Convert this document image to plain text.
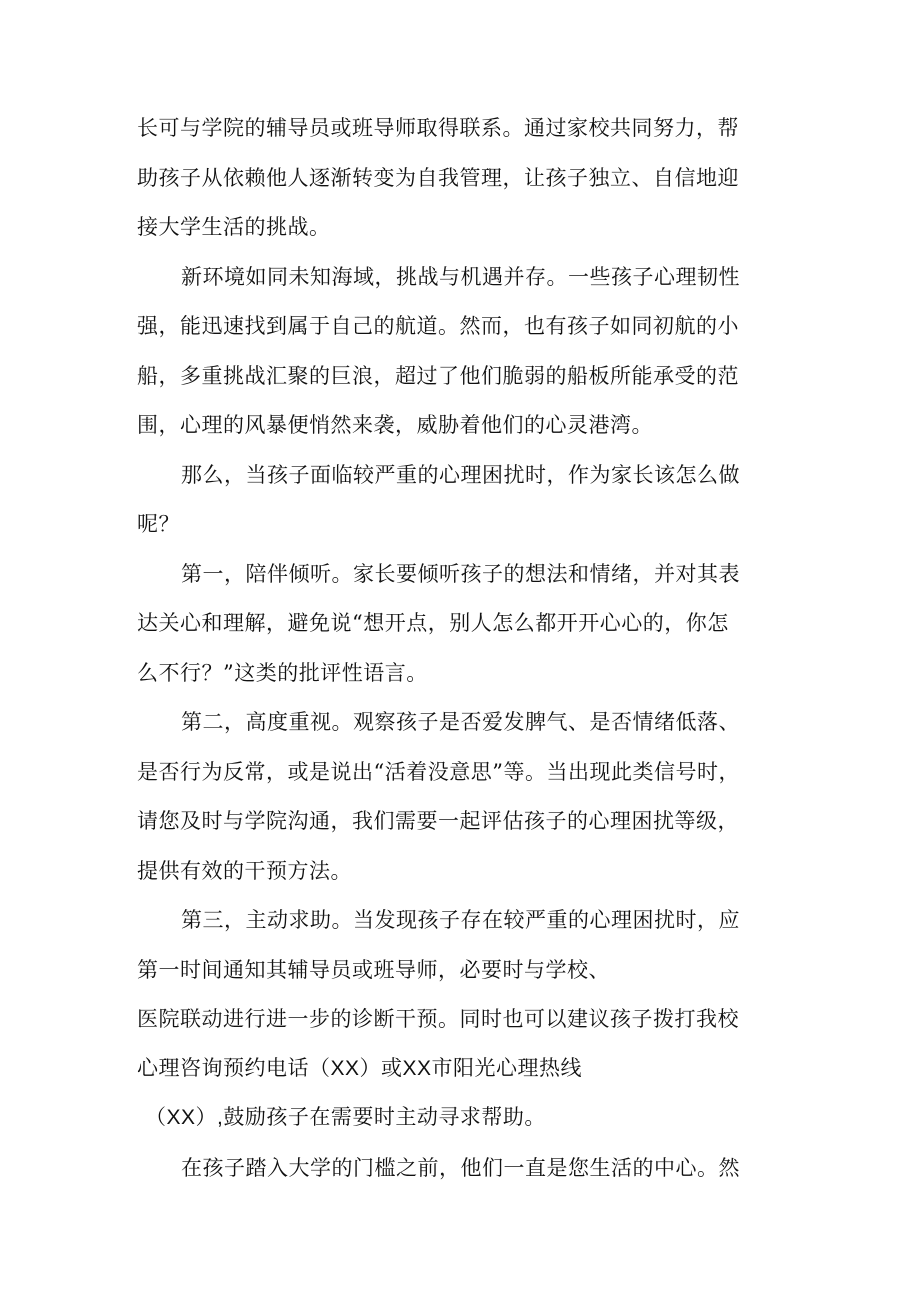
长可与学院的辅导员或班导师取得联系。通过家校共同努力，帮
助孩子从依赖他人逐渐转变为自我管理，让孩子独立、自信地迎
接大学生活的挑战。
新环境如同未知海域，挑战与机遇并存。一些孩子心理韧性
强，能迅速找到属于自己的航道。然而，也有孩子如同初航的小
船，多重挑战汇聚的巨浪，超过了他们脆弱的船板所能承受的范
围，心理的风暴便悄然来袭，威胁着他们的心灵港湾。
那么，当孩子面临较严重的心理困扰时，作为家长该怎么做
呢？
第一，陪伴倾听。家长要倾听孩子的想法和情绪，并对其表
达关心和理解，避免说“想开点，别人怎么都开开心心的，你怎
么不行？”这类的批评性语言。
第二，高度重视。观察孩子是否爱发脾气、是否情绪低落、
是否行为反常，或是说出“活着没意思”等。当出现此类信号时，
请您及时与学院沟通，我们需要一起评估孩子的心理困扰等级，
提供有效的干预方法。
第三，主动求助。当发现孩子存在较严重的心理困扰时，应
第一时间通知其辅导员或班导师，必要时与学校、
医院联动进行进一步的诊断干预。同时也可以建议孩子拨打我校
心理咨询预约电话（XX）或XX市阳光心理热线
（XX）,鼓励孩子在需要时主动寻求帮助。
在孩子踏入大学的门槛之前，他们一直是您生活的中心。然
